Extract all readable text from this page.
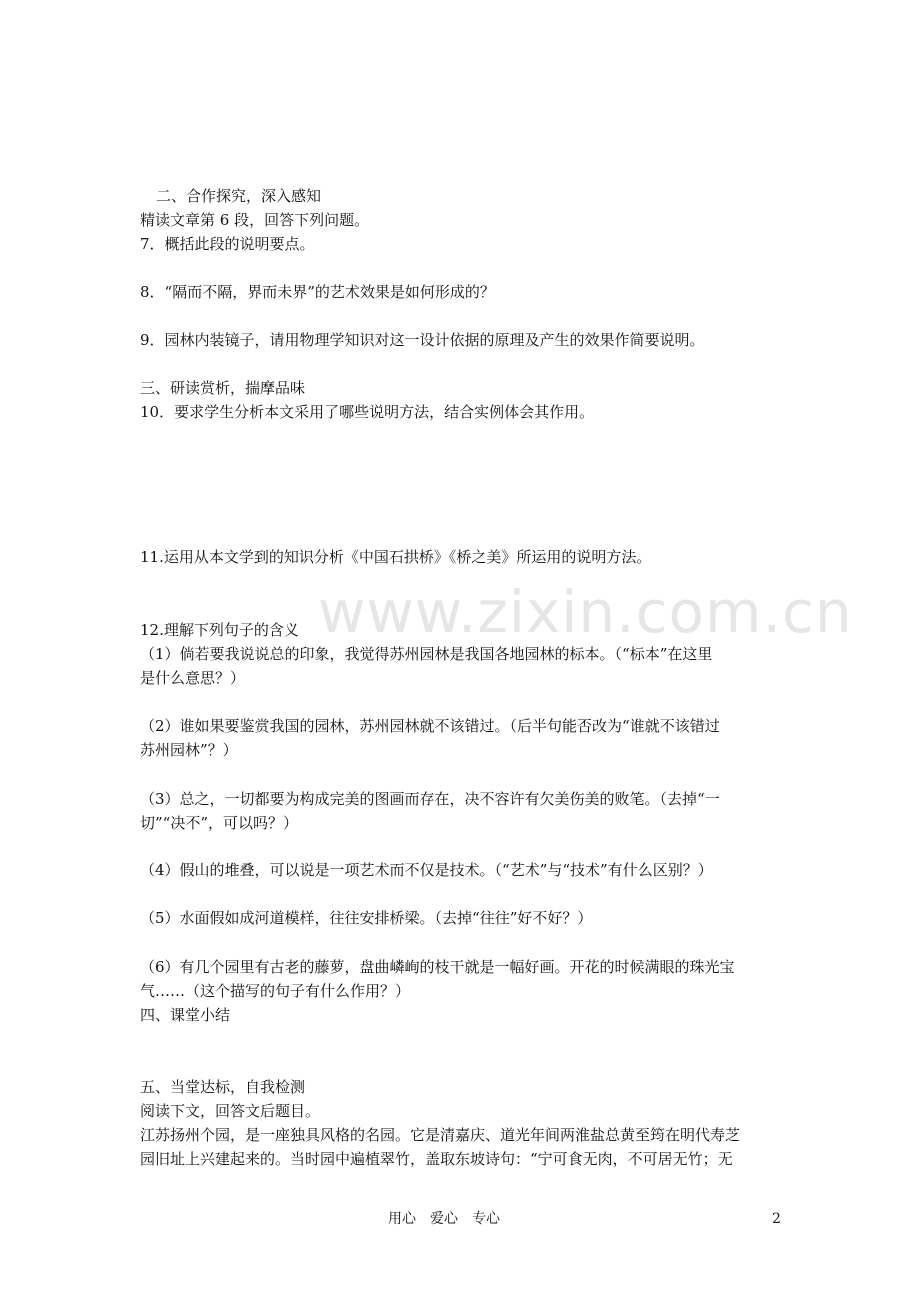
www.zixin.com.cn
二、合作探究，深入感知
精读文章第 6 段，回答下列问题。
7．概括此段的说明要点。
8．“隔而不隔，界而未界”的艺术效果是如何形成的？
9．园林内装镜子，请用物理学知识对这一设计依据的原理及产生的效果作简要说明。
三、研读赏析，揣摩品味
10．要求学生分析本文采用了哪些说明方法，结合实例体会其作用。
11.运用从本文学到的知识分析《中国石拱桥》《桥之美》所运用的说明方法。
12.理解下列句子的含义
（1）倘若要我说说总的印象，我觉得苏州园林是我国各地园林的标本。（“标本”在这里
是什么意思？）
（2）谁如果要鉴赏我国的园林，苏州园林就不该错过。（后半句能否改为“谁就不该错过
苏州园林”？）
（3）总之，一切都要为构成完美的图画而存在，决不容许有欠美伤美的败笔。（去掉“一
切”“决不”，可以吗？）
（4）假山的堆叠，可以说是一项艺术而不仅是技术。（“艺术”与“技术”有什么区别？）
（5）水面假如成河道模样，往往安排桥梁。（去掉“往往”好不好？）
（6）有几个园里有古老的藤萝，盘曲嶙峋的枝干就是一幅好画。开花的时候满眼的珠光宝
气……（这个描写的句子有什么作用？）
四、课堂小结
五、当堂达标，自我检测
阅读下文，回答文后题目。
江苏扬州个园，是一座独具风格的名园。它是清嘉庆、道光年间两淮盐总黄至筠在明代寿芝
园旧址上兴建起来的。当时园中遍植翠竹，盖取东坡诗句：“宁可食无肉，不可居无竹；无
用心　爱心　专心	2
